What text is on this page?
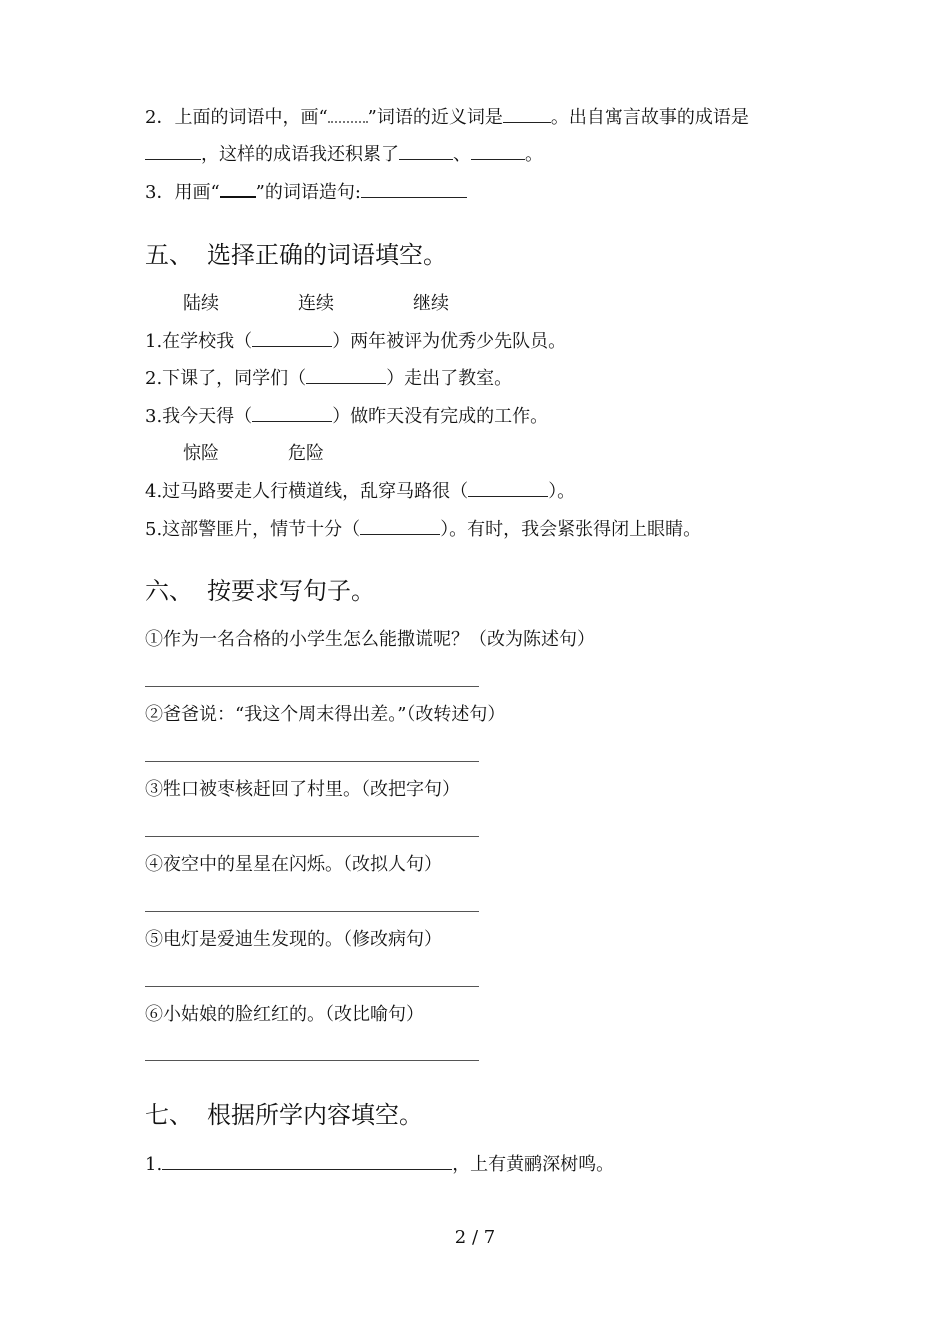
2．上面的词语中，画“ ”词语的近义词是	。出自寓言故事的成语是
，这样的成语我还积累了	、	。
3．用画“ ”的词语造句:
五、 选择正确的词语填空。
陆续	连续	继续
1.在学校我（	）两年被评为优秀少先队员。
2.下课了，同学们（	）走出了教室。
3.我今天得（	）做昨天没有完成的工作。
惊险	危险
4.过马路要走人行横道线，乱穿马路很（	）。
5.这部警匪片，情节十分（	）。有时，我会紧张得闭上眼睛。
六、 按要求写句子。
①作为一名合格的小学生怎么能撒谎呢？（改为陈述句）
②爸爸说：“我这个周末得出差。”（改转述句）
③牲口被枣核赶回了村里。（改把字句）
④夜空中的星星在闪烁。（改拟人句）
⑤电灯是爱迪生发现的。（修改病句）
⑥小姑娘的脸红红的。（改比喻句）
七、 根据所学内容填空。
1.	，上有黄鹂深树鸣。
2 / 7
